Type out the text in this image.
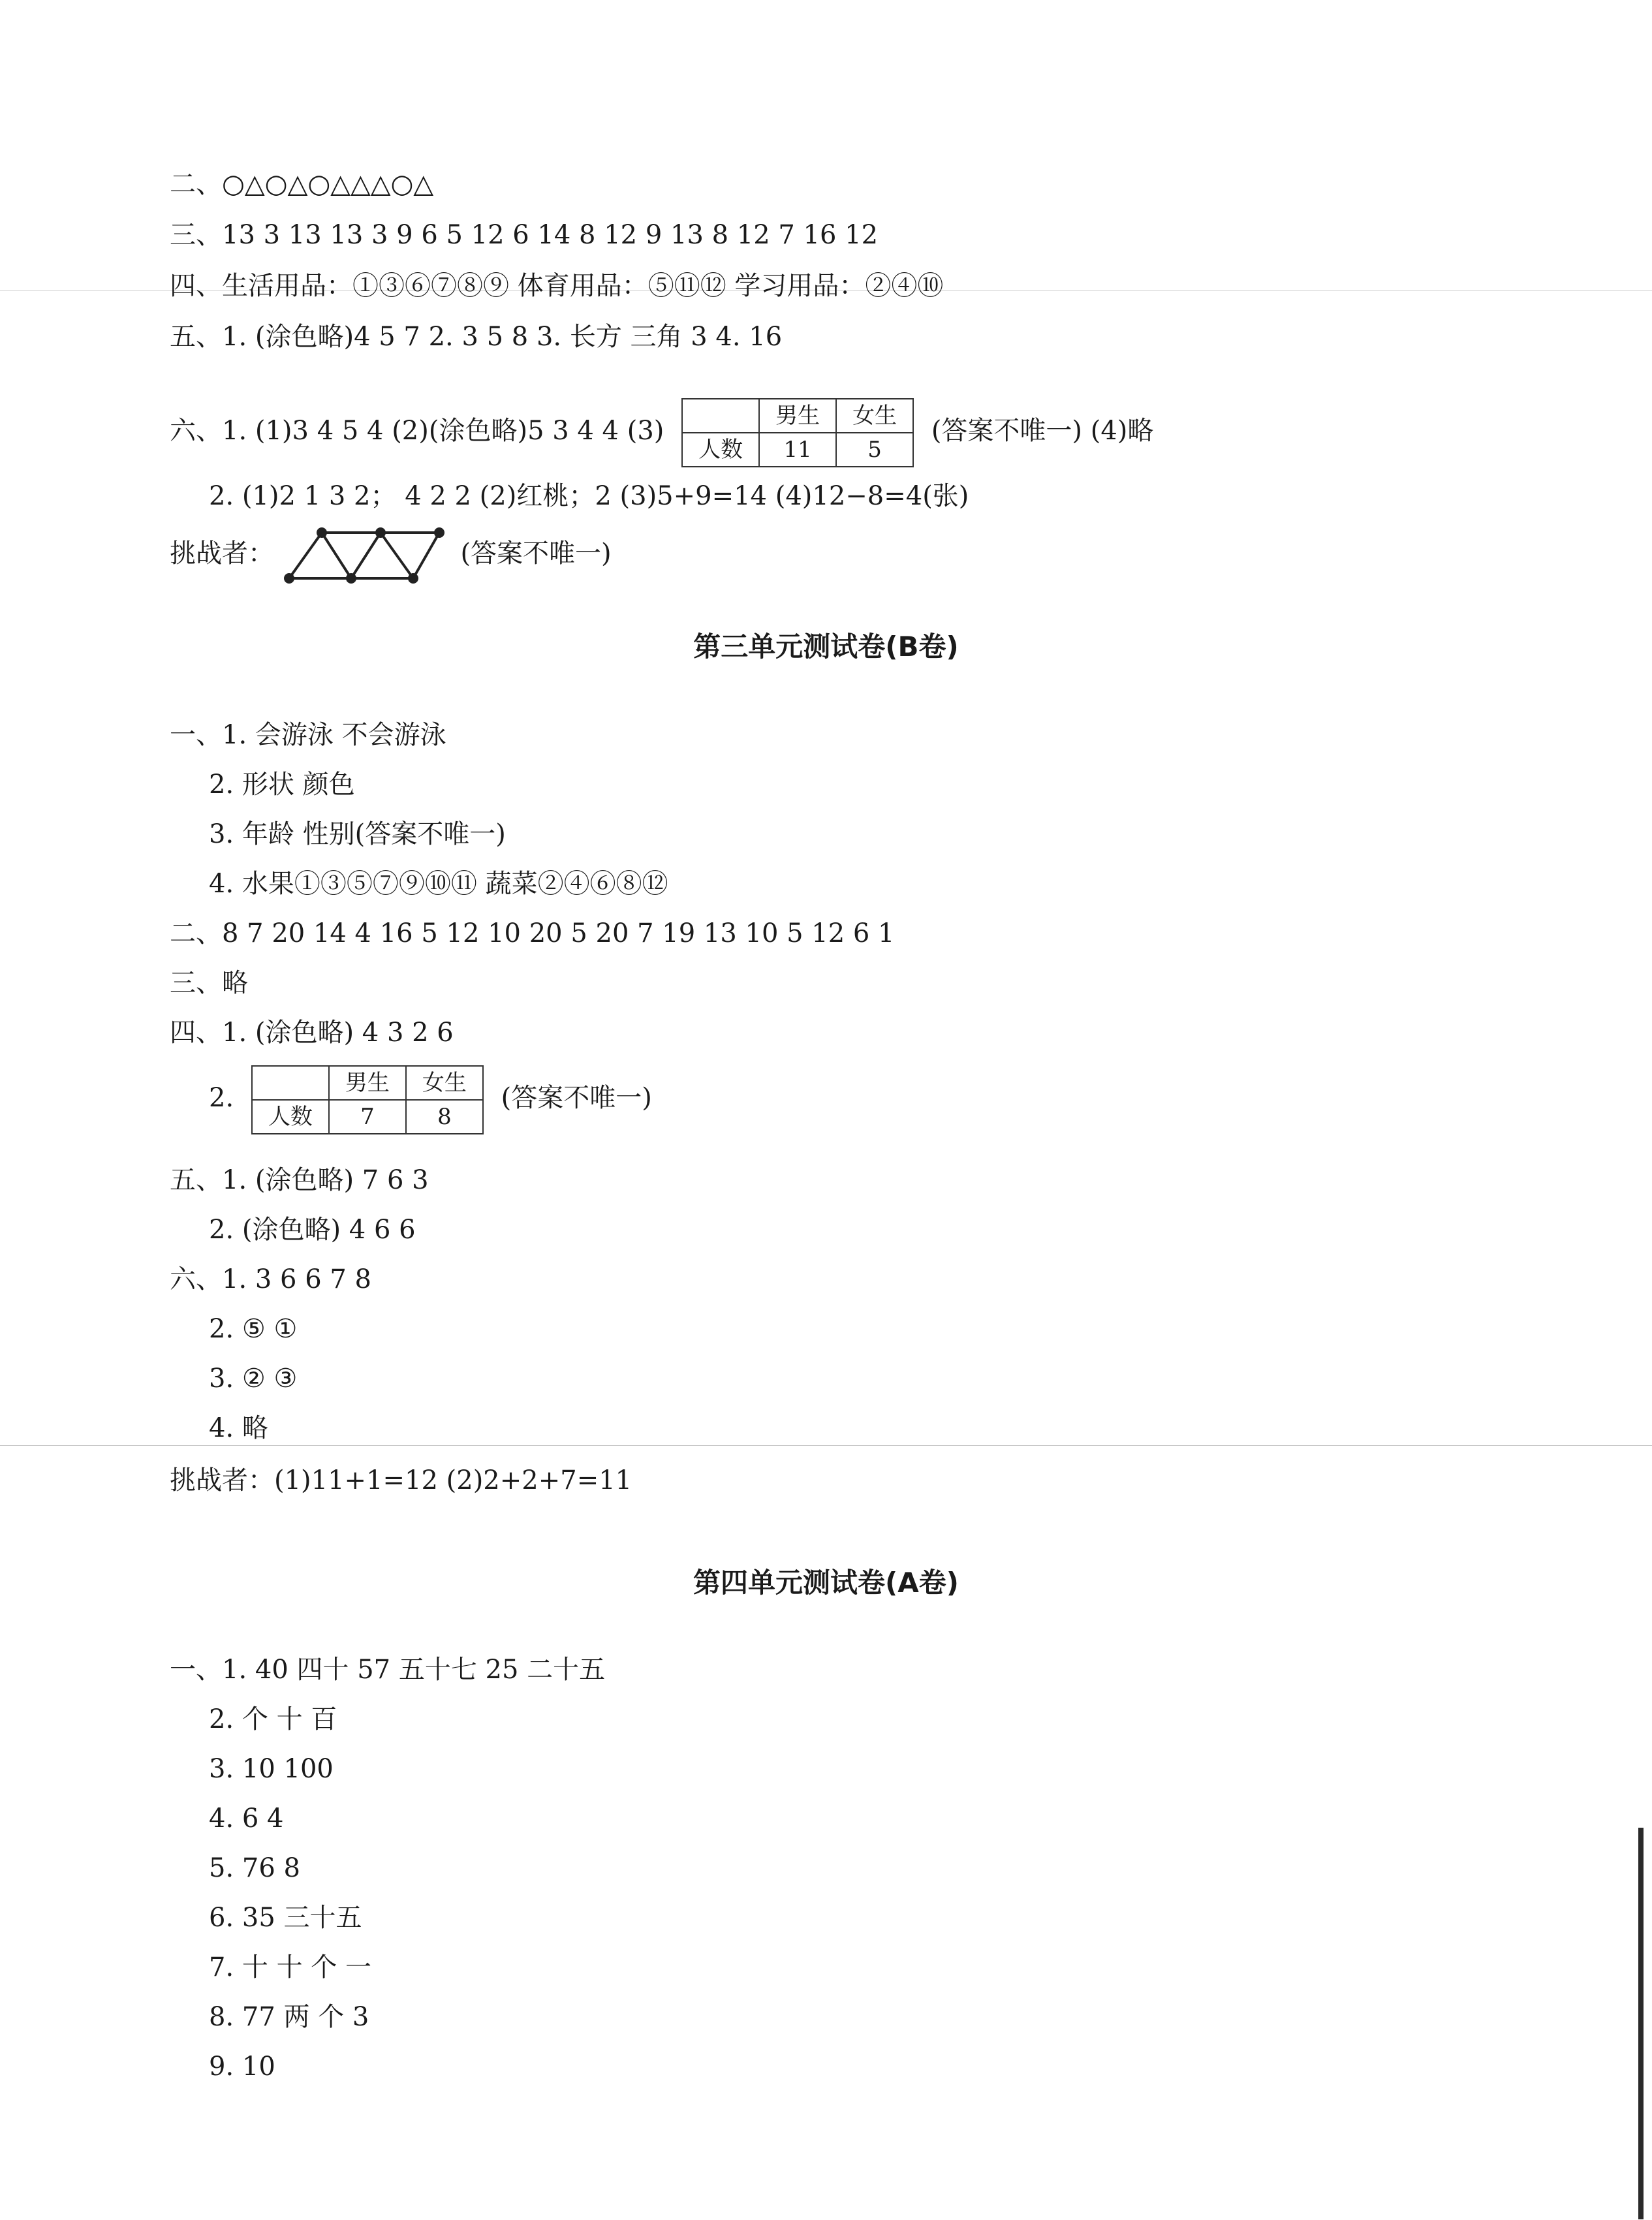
二、○△○△○△△△○△
三、13 3 13 13 3 9 6 5 12 6 14 8 12 9 13 8 12 7 16 12
四、生活用品：①③⑥⑦⑧⑨ 体育用品：⑤⑪⑫ 学习用品：②④⑩
五、1. (涂色略)4 5 7 2. 3 5 8 3. 长方 三角 3 4. 16
六、1. (1)3 4 5 4 (2)(涂色略)5 3 4 4 (3)		男生	女生
人数	11	5 (答案不唯一) (4)略
2. (1)2 1 3 2； 4 2 2 (2)红桃；2 (3)5+9=14 (4)12−8=4(张)
挑战者：	(答案不唯一)
第三单元测试卷(B卷)
一、1. 会游泳 不会游泳
2. 形状 颜色
3. 年龄 性别(答案不唯一)
4. 水果①③⑤⑦⑨⑩⑪ 蔬菜②④⑥⑧⑫
二、8 7 20 14 4 16 5 12 10 20 5 20 7 19 13 10 5 12 6 1
三、略
四、1. (涂色略) 4 3 2 6
2.		男生	女生
人数	7	8 (答案不唯一)
五、1. (涂色略) 7 6 3
2. (涂色略) 4 6 6
六、1. 3 6 6 7 8
2. ⑤ ①
3. ② ③
4. 略
挑战者：(1)11+1=12 (2)2+2+7=11
第四单元测试卷(A卷)
一、1. 40 四十 57 五十七 25 二十五
2. 个 十 百
3. 10 100
4. 6 4
5. 76 8
6. 35 三十五
7. 十 十 个 一
8. 77 两 个 3
9. 10
